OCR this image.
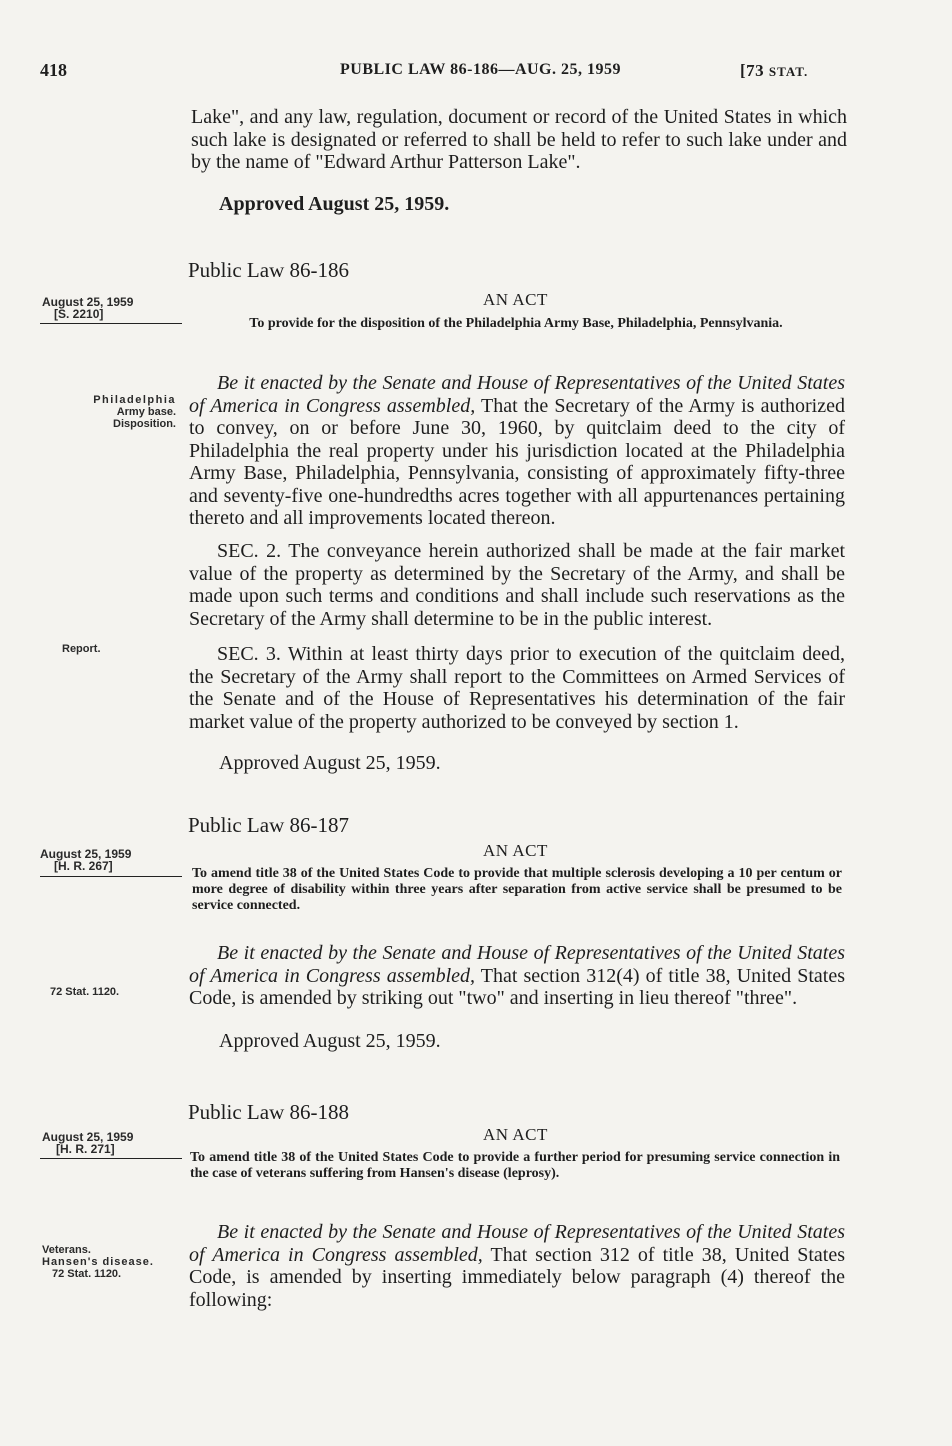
418	PUBLIC LAW 86-186—AUG. 25, 1959	[73 STAT.
Lake", and any law, regulation, document or record of the United States in which such lake is designated or referred to shall be held to refer to such lake under and by the name of "Edward Arthur Patterson Lake".
Approved August 25, 1959.
Public Law 86-186
August 25, 1959
[S. 2210]
AN ACT
To provide for the disposition of the Philadelphia Army Base, Philadelphia, Pennsylvania.
Philadelphia
Army base.
Disposition.
Be it enacted by the Senate and House of Representatives of the United States of America in Congress assembled, That the Secretary of the Army is authorized to convey, on or before June 30, 1960, by quitclaim deed to the city of Philadelphia the real property under his jurisdiction located at the Philadelphia Army Base, Philadelphia, Pennsylvania, consisting of approximately fifty-three and seventy-five one-hundredths acres together with all appurtenances pertaining thereto and all improvements located thereon.
SEC. 2. The conveyance herein authorized shall be made at the fair market value of the property as determined by the Secretary of the Army, and shall be made upon such terms and conditions and shall include such reservations as the Secretary of the Army shall determine to be in the public interest.
Report.	SEC. 3. Within at least thirty days prior to execution of the quitclaim deed, the Secretary of the Army shall report to the Committees on Armed Services of the Senate and of the House of Representatives his determination of the fair market value of the property authorized to be conveyed by section 1.
Approved August 25, 1959.
Public Law 86-187
August 25, 1959
[H. R. 267]
AN ACT
To amend title 38 of the United States Code to provide that multiple sclerosis developing a 10 per centum or more degree of disability within three years after separation from active service shall be presumed to be service connected.
Be it enacted by the Senate and House of Representatives of the United States of America in Congress assembled, That section 312(4) of title 38, United States Code, is amended by striking out "two" and inserting in lieu thereof "three".
72 Stat. 1120.
Approved August 25, 1959.
Public Law 86-188
August 25, 1959
[H. R. 271]
AN ACT
To amend title 38 of the United States Code to provide a further period for presuming service connection in the case of veterans suffering from Hansen's disease (leprosy).
Veterans.
Hansen's disease.
72 Stat. 1120.
Be it enacted by the Senate and House of Representatives of the United States of America in Congress assembled, That section 312 of title 38, United States Code, is amended by inserting immediately below paragraph (4) thereof the following:
